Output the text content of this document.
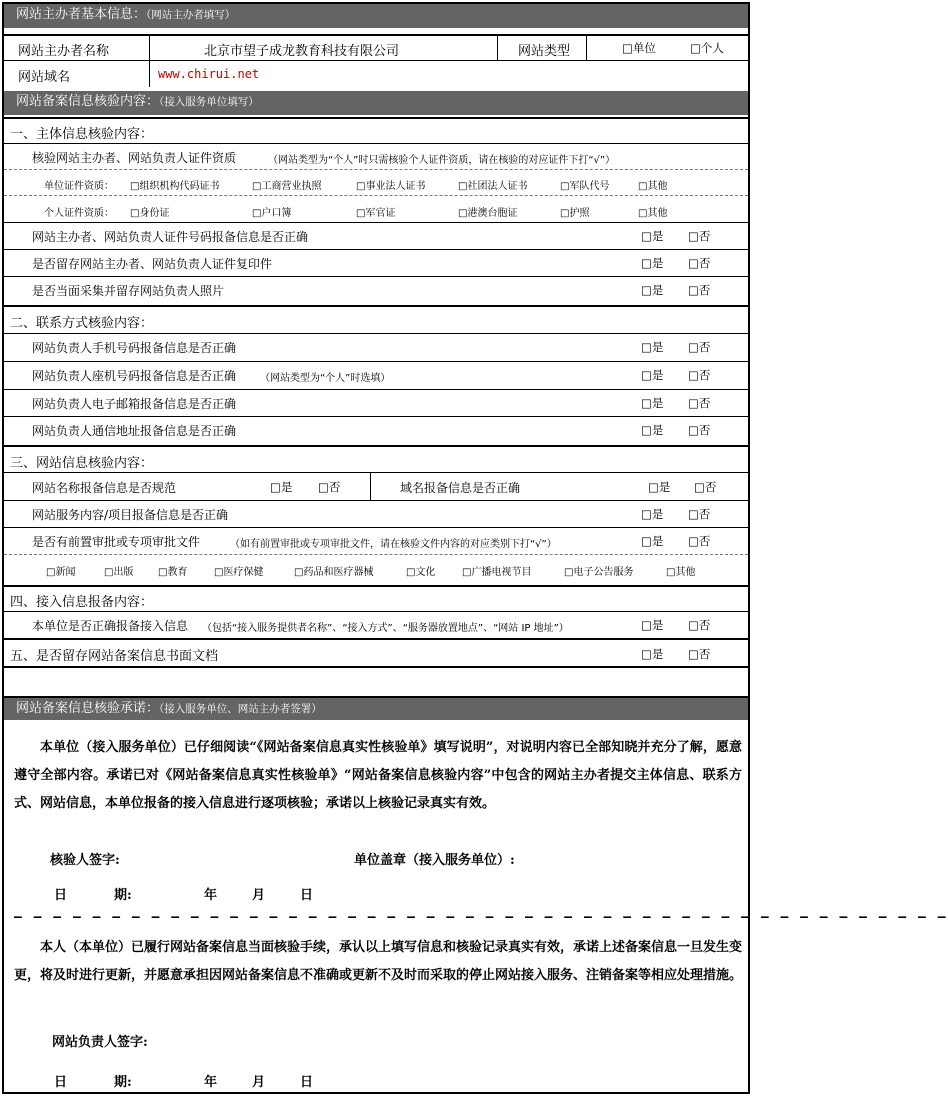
网站主办者基本信息：（网站主办者填写）
网站主办者名称	北京市望子成龙教育科技有限公司	网站类型	□单位	□个人
网站域名	www.chirui.net
网站备案信息核验内容：（接入服务单位填写）
一、主体信息核验内容：
核验网站主办者、网站负责人证件资质	（网站类型为“个人”时只需核验个人证件资质，请在核验的对应证件下打“√”）
单位证件资质： □组织机构代码证书	□工商营业执照	□事业法人证书	□社团法人证书	□军队代号	□其他
个人证件资质： □身份证	□户口簿	□军官证	□港澳台胞证	□护照	□其他
网站主办者、网站负责人证件号码报备信息是否正确	□是 □否
是否留存网站主办者、网站负责人证件复印件	□是 □否
是否当面采集并留存网站负责人照片	□是 □否
二、联系方式核验内容：
网站负责人手机号码报备信息是否正确	□是 □否
网站负责人座机号码报备信息是否正确 （网站类型为“个人”时选填）	□是 □否
网站负责人电子邮箱报备信息是否正确	□是 □否
网站负责人通信地址报备信息是否正确	□是 □否
三、网站信息核验内容：
网站名称报备信息是否规范	□是 □否	域名报备信息是否正确	□是 □否
网站服务内容/项目报备信息是否正确	□是 □否
是否有前置审批或专项审批文件	（如有前置审批或专项审批文件，请在核验文件内容的对应类别下打“√”）	□是 □否
□新闻	□出版 □教育	□医疗保健	□药品和医疗器械	□文化	□广播电视节目	□电子公告服务	□其他
四、接入信息报备内容：
本单位是否正确报备接入信息 （包括“接入服务提供者名称”、“接入方式”、“服务器放置地点”、“网站 IP 地址”）	□是 □否
五、是否留存网站备案信息书面文档	□是 □否
网站备案信息核验承诺：（接入服务单位、网站主办者签署）
本单位（接入服务单位）已仔细阅读“《网站备案信息真实性核验单》填写说明”，对说明内容已全部知晓并充分了解，愿意遵守全部内容。承诺已对《网站备案信息真实性核验单》“网站备案信息核验内容”中包含的网站主办者提交主体信息、联系方式、网站信息，本单位报备的接入信息进行逐项核验；承诺以上核验记录真实有效。
核验人签字:	单位盖章（接入服务单位）:
日	期:	年	月	日
– – – – – – – – – – – – – – – – – – – – – – – – – – – – – – – – – – – – – – – – – – – – – – – –
本人（本单位）已履行网站备案信息当面核验手续，承认以上填写信息和核验记录真实有效，承诺上述备案信息一旦发生变更，将及时进行更新，并愿意承担因网站备案信息不准确或更新不及时而采取的停止网站接入服务、注销备案等相应处理措施。
网站负责人签字:
日	期:	年	月	日
